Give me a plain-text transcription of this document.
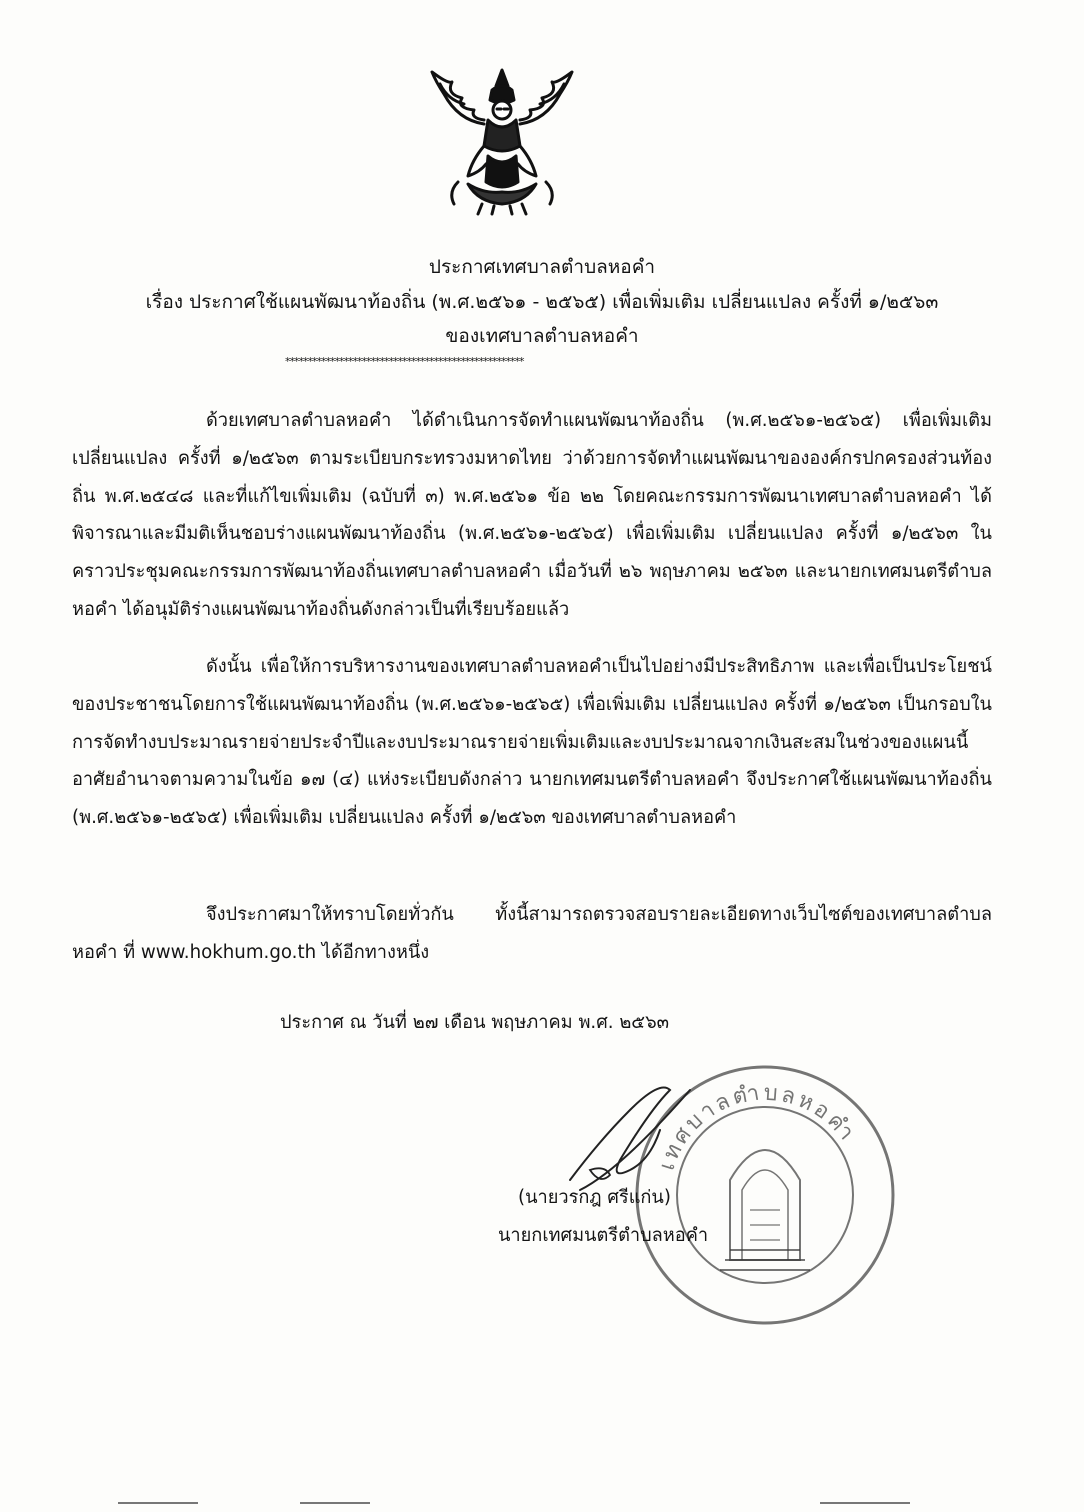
ประกาศเทศบาลตำบลหอคำ
เรื่อง ประกาศใช้แผนพัฒนาท้องถิ่น (พ.ศ.๒๕๖๑ - ๒๕๖๕) เพื่อเพิ่มเติม เปลี่ยนแปลง ครั้งที่ ๑/๒๕๖๓
ของเทศบาลตำบลหอคำ
*****************************************************
ด้วยเทศบาลตำบลหอคำ ได้ดำเนินการจัดทำแผนพัฒนาท้องถิ่น (พ.ศ.๒๕๖๑-๒๕๖๕) เพื่อเพิ่มเติม เปลี่ยนแปลง ครั้งที่ ๑/๒๕๖๓ ตามระเบียบกระทรวงมหาดไทย ว่าด้วยการจัดทำแผนพัฒนาขององค์กรปกครองส่วนท้องถิ่น พ.ศ.๒๕๔๘ และที่แก้ไขเพิ่มเติม (ฉบับที่ ๓) พ.ศ.๒๕๖๑ ข้อ ๒๒ โดยคณะกรรมการพัฒนาเทศบาลตำบลหอคำ ได้พิจารณาและมีมติเห็นชอบร่างแผนพัฒนาท้องถิ่น (พ.ศ.๒๕๖๑-๒๕๖๕) เพื่อเพิ่มเติม เปลี่ยนแปลง ครั้งที่ ๑/๒๕๖๓ ในคราวประชุมคณะกรรมการพัฒนาท้องถิ่นเทศบาลตำบลหอคำ เมื่อวันที่ ๒๖ พฤษภาคม ๒๕๖๓ และนายกเทศมนตรีตำบลหอคำ ได้อนุมัติร่างแผนพัฒนาท้องถิ่นดังกล่าวเป็นที่เรียบร้อยแล้ว
ดังนั้น เพื่อให้การบริหารงานของเทศบาลตำบลหอคำเป็นไปอย่างมีประสิทธิภาพ และเพื่อเป็นประโยชน์ของประชาชนโดยการใช้แผนพัฒนาท้องถิ่น (พ.ศ.๒๕๖๑-๒๕๖๕) เพื่อเพิ่มเติม เปลี่ยนแปลง ครั้งที่ ๑/๒๕๖๓ เป็นกรอบในการจัดทำงบประมาณรายจ่ายประจำปีและงบประมาณรายจ่ายเพิ่มเติมและงบประมาณจากเงินสะสมในช่วงของแผนนี้ อาศัยอำนาจตามความในข้อ ๑๗ (๔) แห่งระเบียบดังกล่าว นายกเทศมนตรีตำบลหอคำ จึงประกาศใช้แผนพัฒนาท้องถิ่น (พ.ศ.๒๕๖๑-๒๕๖๕) เพื่อเพิ่มเติม เปลี่ยนแปลง ครั้งที่ ๑/๒๕๖๓ ของเทศบาลตำบลหอคำ
จึงประกาศมาให้ทราบโดยทั่วกัน ทั้งนี้สามารถตรวจสอบรายละเอียดทางเว็บไซต์ของเทศบาลตำบลหอคำ ที่ www.hokhum.go.th ได้อีกทางหนึ่ง
ประกาศ ณ วันที่ ๒๗ เดือน พฤษภาคม พ.ศ. ๒๕๖๓
เทศบาลตำบลหอคำ
(นายวรกฎ ศรีแก่น)
นายกเทศมนตรีตำบลหอคำ
